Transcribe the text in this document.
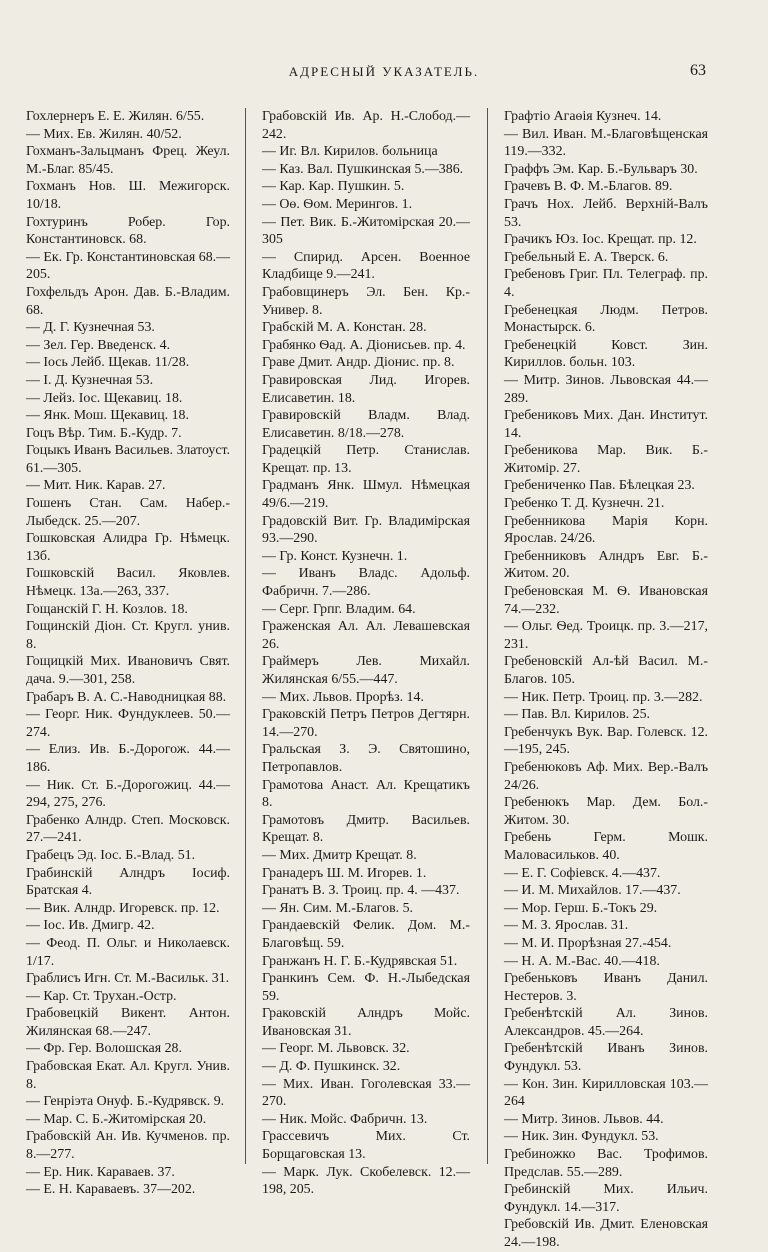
АДРЕСНЫЙ УКАЗАТЕЛЬ.	63
Гохлернеръ Е. Е. Жилян. 6/55.
— Мих. Ев. Жилян. 40/52.
Гохманъ-Зальцманъ Фрец. Жеул. М.-Благ. 85/45.
Гохманъ Нов. Ш. Межигорск. 10/18.
Гохтуринъ Робер. Гор. Константиновск. 68.
— Ек. Гр. Константиновская 68.—205.
Гохфельдъ Арон. Дав. Б.-Владим. 68.
— Д. Г. Кузнечная 53.
— Зел. Гер. Введенск. 4.
— Іось Лейб. Щекав. 11/28.
— І. Д. Кузнечная 53.
— Лейз. Іос. Щекавиц. 18.
— Янк. Мош. Щекавиц. 18.
Гоцъ Вѣр. Тим. Б.-Кудр. 7.
Гоцыкъ Иванъ Васильев. Златоуст. 61.—305.
— Мит. Ник. Карав. 27.
Гошенъ Стан. Сам. Набер.-Лыбедск. 25.—207.
Гошковская Алидра Гр. Нѣмецк. 13б.
Гошковскій Васил. Яковлев. Нѣмецк. 13а.—263, 337.
Гощанскій Г. Н. Козлов. 18.
Гощинскій Діон. Ст. Кругл. унив. 8.
Гощицкій Мих. Ивановичъ Свят. дача. 9.—301, 258.
Грабаръ В. А. С.-Наводницкая 88.
— Георг. Ник. Фундуклеев. 50.—274.
— Елиз. Ив. Б.-Дорогож. 44.—186.
— Ник. Ст. Б.-Дорогожиц. 44.—294, 275, 276.
Грабенко Алндр. Степ. Московск. 27.—241.
Грабецъ Эд. Іос. Б.-Влад. 51.
Грабинскій Алндръ Іосиф. Братская 4.
— Вик. Алндр. Игоревск. пр. 12.
— Іос. Ив. Дмигр. 42.
— Феод. П. Ольг. и Николаевск. 1/17.
Граблисъ Игн. Ст. М.-Васильк. 31.
— Кар. Ст. Трухан.-Остр.
Грабовецкій Викент. Антон. Жилянская 68.—247.
— Фр. Гер. Волошская 28.
Грабовская Екат. Ал. Кругл. Унив. 8.
— Генріэта Онуф. Б.-Кудрявск. 9.
— Мар. С. Б.-Житомірская 20.
Грабовскій Ан. Ив. Кучменов. пр. 8.—277.
— Ер. Ник. Караваев. 37.
— Е. Н. Караваевъ. 37—202.
Грабовскій Ив. Ар. Н.-Слобод.—242.
— Иг. Вл. Кирилов. больница
— Каз. Вал. Пушкинская 5.—386.
— Кар. Кар. Пушкин. 5.
— Оѳ. Ѳом. Мерингов. 1.
— Пет. Вик. Б.-Житомірская 20.—305
— Спирид. Арсен. Военное Кладбище 9.—241.
Грабовщинеръ Эл. Бен. Кр.-Универ. 8.
Грабскій М. А. Констан. 28.
Грабянко Ѳад. А. Діонисьев. пр. 4.
Граве Дмит. Андр. Діонис. пр. 8.
Гравировская Лид. Игорев. Елисаветин. 18.
Гравировскій Владм. Влад. Елисаветин. 8/18.—278.
Градецкій Петр. Станислав. Крещат. пр. 13.
Градманъ Янк. Шмул. Нѣмецкая 49/6.—219.
Градовскій Вит. Гр. Владимірская 93.—290.
— Гр. Конст. Кузнечн. 1.
— Иванъ Владс. Адольф. Фабричн. 7.—286.
— Серг. Грпг. Владим. 64.
Граженская Ал. Ал. Левашевская 26.
Граймеръ Лев. Михайл. Жилянская 6/55.—447.
— Мих. Львов. Прорѣз. 14.
Граковскій Петръ Петров Дегтярн. 14.—270.
Гральская З. Э. Святошино, Петропавлов.
Грамотова Анаст. Ал. Крещатикъ 8.
Грамотовъ Дмитр. Васильев. Крещат. 8.
— Мих. Дмитр Крещат. 8.
Гранадеръ Ш. М. Игорев. 1.
Гранатъ В. З. Троиц. пр. 4. —437.
— Ян. Сим. М.-Благов. 5.
Грандаевскій Фелик. Дом. М.-Благовѣщ. 59.
Гранжанъ Н. Г. Б.-Кудрявская 51.
Гранкинъ Сем. Ф. Н.-Лыбедская 59.
Граковскій Алндръ Мойс. Ивановская 31.
— Георг. М. Львовск. 32.
— Д. Ф. Пушкинск. 32.
— Мих. Иван. Гоголевская 33.—270.
— Ник. Мойс. Фабричн. 13.
Грассевичъ Мих. Ст. Борщаговская 13.
— Марк. Лук. Скобелевск. 12.—198, 205.
Графтіо Агаѳія Кузнеч. 14.
— Вил. Иван. М.-Благовѣщенская 119.—332.
Граффъ Эм. Кар. Б.-Бульваръ 30.
Грачевъ В. Ф. М.-Благов. 89.
Грачъ Нох. Лейб. Верхній-Валъ 53.
Грачикъ Юз. Іос. Крещат. пр. 12.
Гребельный Е. А. Тверск. 6.
Гребеновъ Григ. Пл. Телеграф. пр. 4.
Гребенецкая Людм. Петров. Монастырск. 6.
Гребенецкій Ковст. Зин. Кириллов. больн. 103.
— Митр. Зинов. Львовская 44.—289.
Гребениковъ Мих. Дан. Институт. 14.
Гребеникова Мар. Вик. Б.-Житомір. 27.
Гребениченко Пав. Бѣлецкая 23.
Гребенко Т. Д. Кузнечн. 21.
Гребенникова Марія Корн. Ярослав. 24/26.
Гребенниковъ Алндръ Евг. Б.-Житом. 20.
Гребеновская М. Ѳ. Ивановская 74.—232.
— Ольг. Ѳед. Троицк. пр. 3.—217, 231.
Гребеновскій Ал-ѣй Васил. М.-Благов. 105.
— Ник. Петр. Троиц. пр. 3.—282.
— Пав. Вл. Кирилов. 25.
Гребенчукъ Вук. Вар. Голевск. 12.—195, 245.
Гребенюковъ Аф. Мих. Вер.-Валъ 24/26.
Гребенюкъ Мар. Дем. Бол.-Житом. 30.
Гребень Герм. Мошк. Маловасильков. 40.
— Е. Г. Софіевск. 4.—437.
— И. М. Михайлов. 17.—437.
— Мор. Герш. Б.-Токъ 29.
— М. З. Ярослав. 31.
— М. И. Прорѣзная 27.-454.
— Н. А. М.-Вас. 40.—418.
Гребеньковъ Иванъ Данил. Нестеров. 3.
Гребенѣтскій Ал. Зинов. Александров. 45.—264.
Гребенѣтскій Иванъ Зинов. Фундукл. 53.
— Кон. Зин. Кирилловская 103.—264
— Митр. Зинов. Львов. 44.
— Ник. Зин. Фундукл. 53.
Гребиножко Вас. Трофимов. Предслав. 55.—289.
Гребинскій Мих. Ильич. Фундукл. 14.—317.
Гребовскій Ив. Дмит. Еленовская 24.—198.
